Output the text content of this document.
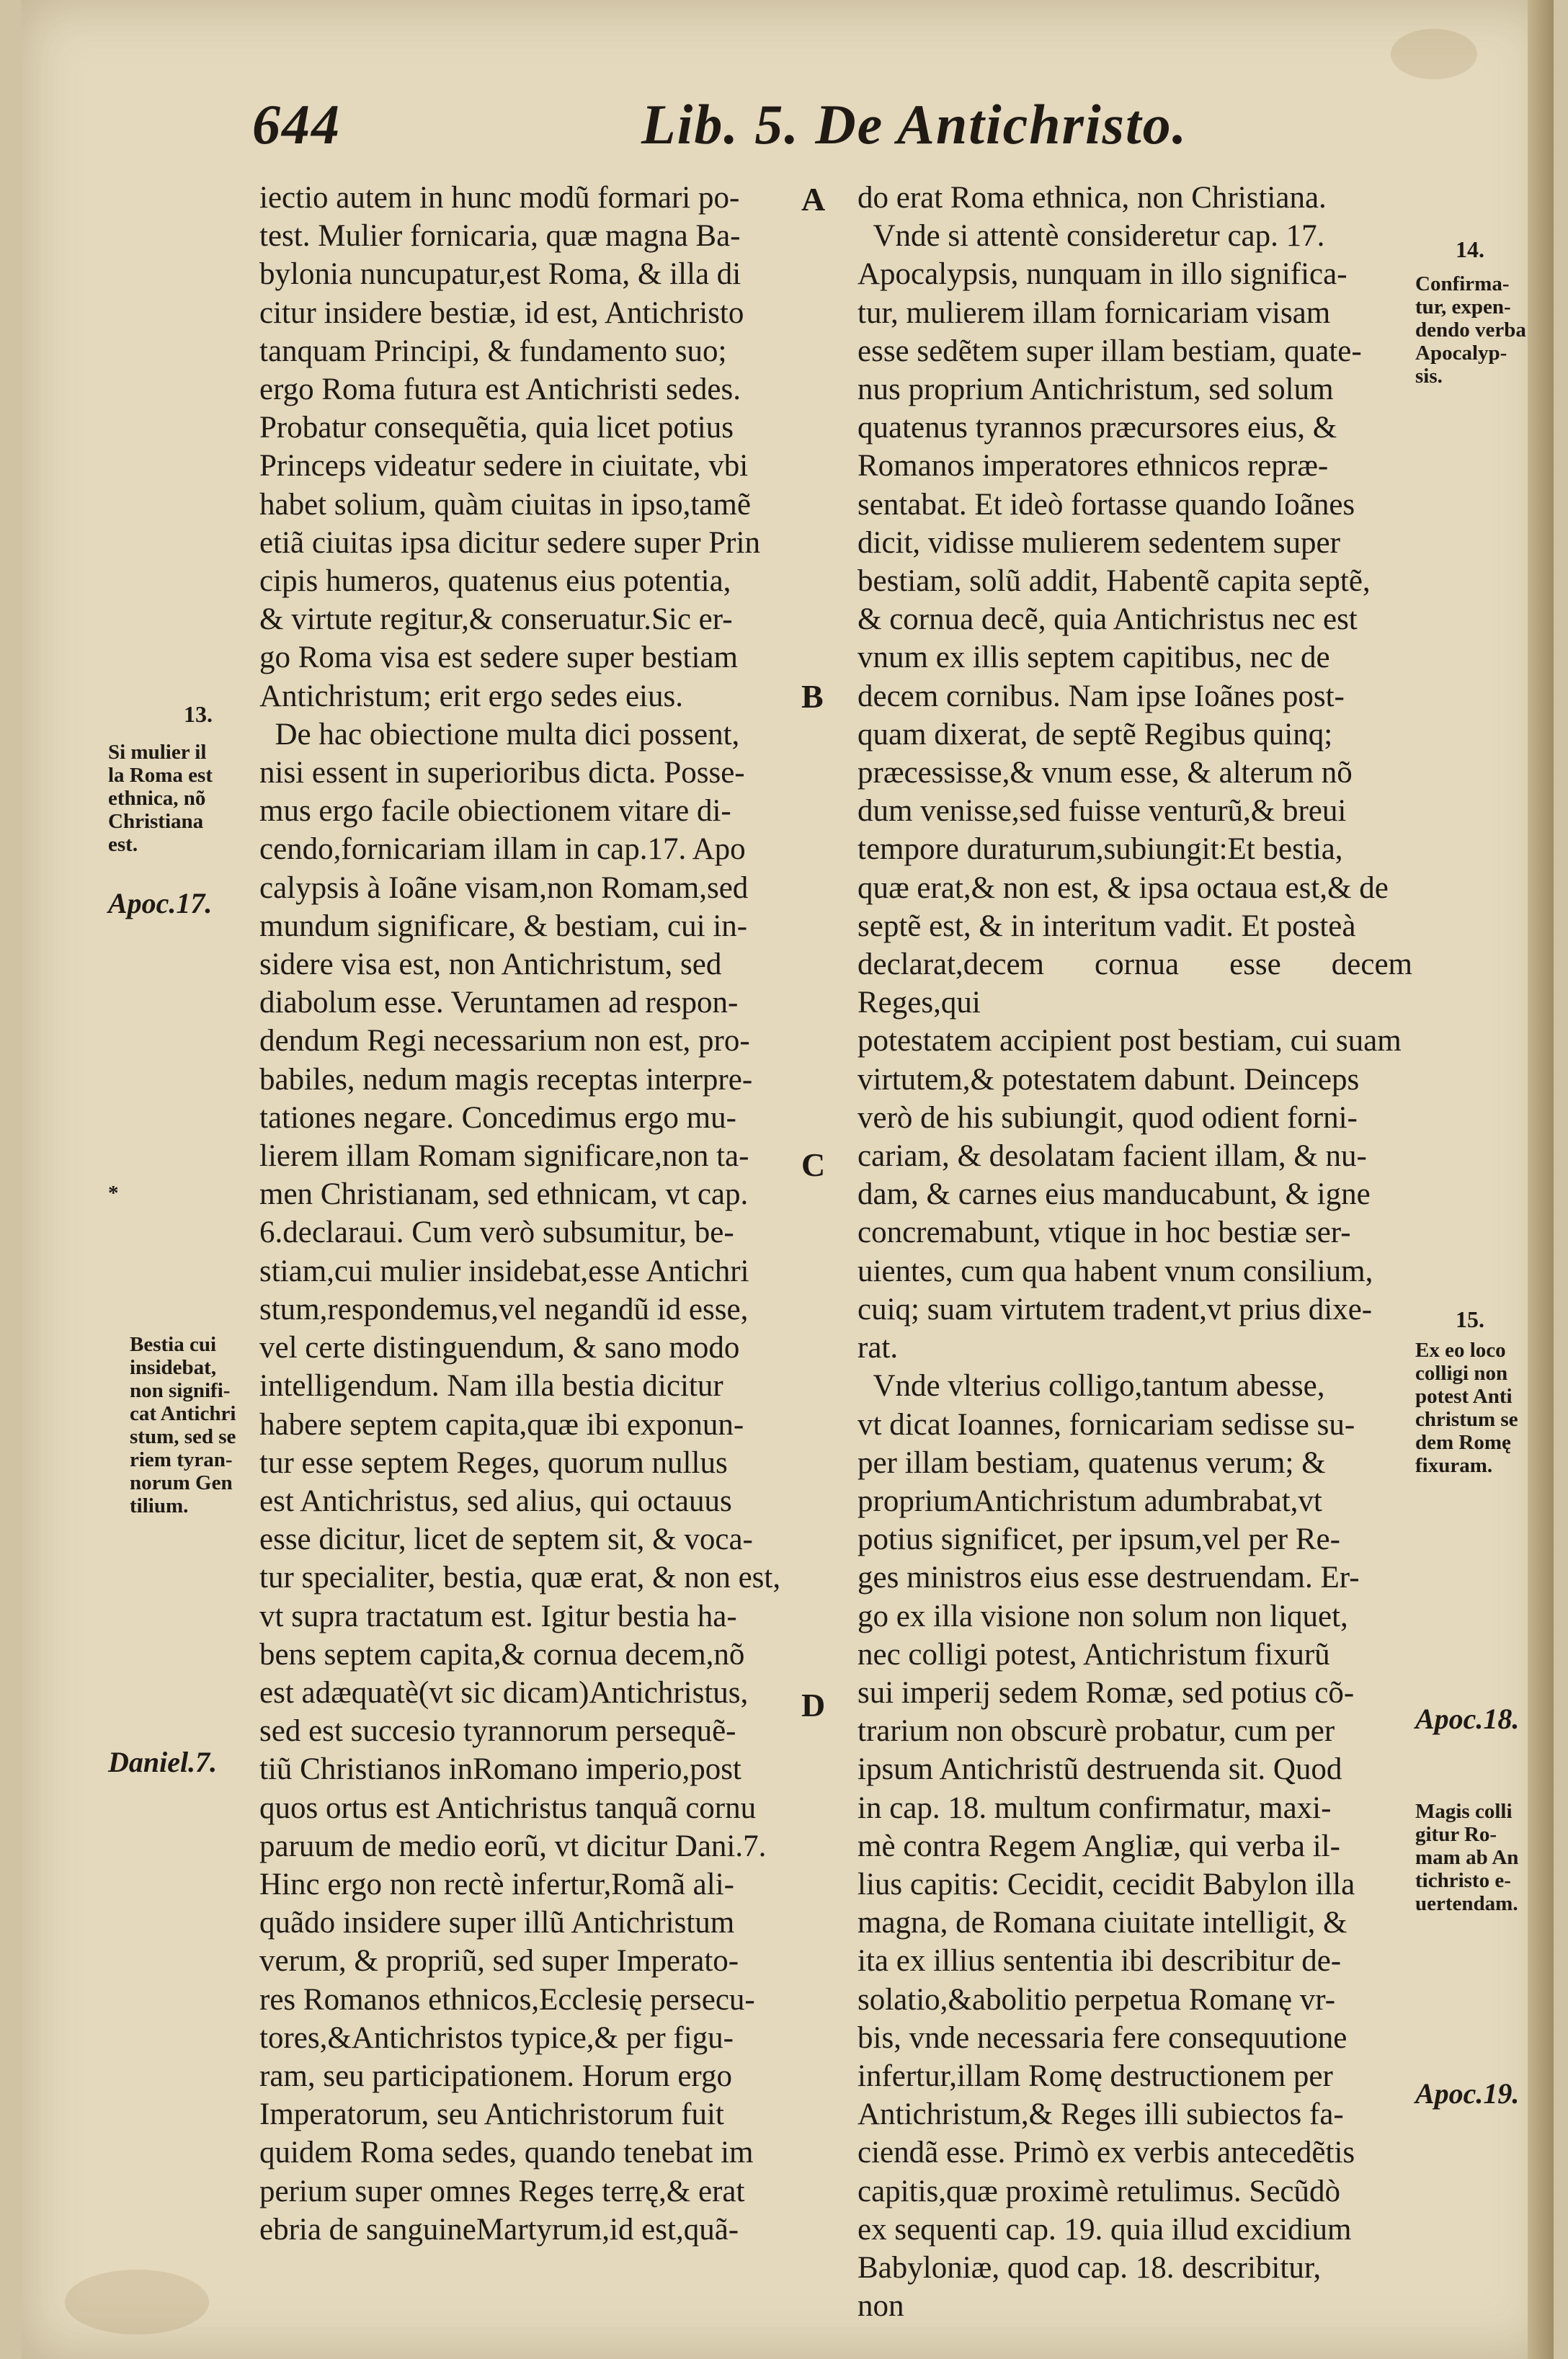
644	Lib. 5. De Antichristo.
iectio autem in hunc modũ formari po-
test. Mulier fornicaria, quæ magna Ba-
bylonia nuncupatur,est Roma, & illa di
citur insidere bestiæ, id est, Antichristo
tanquam Principi, & fundamento suo;
ergo Roma futura est Antichristi sedes.
Probatur consequẽtia, quia licet potius
Princeps videatur sedere in ciuitate, vbi
habet solium, quàm ciuitas in ipso,tamẽ
etiã ciuitas ipsa dicitur sedere super Prin
cipis humeros, quatenus eius potentia,
& virtute regitur,& conseruatur.Sic er-
go Roma visa est sedere super bestiam
Antichristum; erit ergo sedes eius.
De hac obiectione multa dici possent,
nisi essent in superioribus dicta. Posse-
mus ergo facile obiectionem vitare di-
cendo,fornicariam illam in cap.17. Apo
calypsis à Ioãne visam,non Romam,sed
mundum significare, & bestiam, cui in-
sidere visa est, non Antichristum, sed
diabolum esse. Veruntamen ad respon-
dendum Regi necessarium non est, pro-
babiles, nedum magis receptas interpre-
tationes negare. Concedimus ergo mu-
lierem illam Romam significare,non ta-
men Christianam, sed ethnicam, vt cap.
6.declaraui. Cum verò subsumitur, be-
stiam,cui mulier insidebat,esse Antichri
stum,respondemus,vel negandũ id esse,
vel certe distinguendum, & sano modo
intelligendum. Nam illa bestia dicitur
habere septem capita,quæ ibi exponun-
tur esse septem Reges, quorum nullus
est Antichristus, sed alius, qui octauus
esse dicitur, licet de septem sit, & voca-
tur specialiter, bestia, quæ erat, & non est,
vt supra tractatum est. Igitur bestia ha-
bens septem capita,& cornua decem,nõ
est adæquatè(vt sic dicam)Antichristus,
sed est succesio tyrannorum persequẽ-
tiũ Christianos inRomano imperio,post
quos ortus est Antichristus tanquã cornu
paruum de medio eorũ, vt dicitur Dani.7.
Hinc ergo non rectè infertur,Romã ali-
quãdo insidere super illũ Antichristum
verum, & propriũ, sed super Imperato-
res Romanos ethnicos,Ecclesię persecu-
tores,&Antichristos typice,& per figu-
ram, seu participationem. Horum ergo
Imperatorum, seu Antichristorum fuit
quidem Roma sedes, quando tenebat im
perium super omnes Reges terrę,& erat
ebria de sanguineMartyrum,id est,quã-
do erat Roma ethnica, non Christiana.
Vnde si attentè consideretur cap. 17.
Apocalypsis, nunquam in illo significa-
tur, mulierem illam fornicariam visam
esse sedẽtem super illam bestiam, quate-
nus proprium Antichristum, sed solum
quatenus tyrannos præcursores eius, &
Romanos imperatores ethnicos repræ-
sentabat. Et ideò fortasse quando Ioãnes
dicit, vidisse mulierem sedentem super
bestiam, solũ addit, Habentẽ capita septẽ,
& cornua decẽ, quia Antichristus nec est
vnum ex illis septem capitibus, nec de
decem cornibus. Nam ipse Ioãnes post-
quam dixerat, de septẽ Regibus quinq;
præcessisse,& vnum esse, & alterum nõ
dum venisse,sed fuisse venturũ,& breui
tempore duraturum,subiungit:Et bestia,
quæ erat,& non est, & ipsa octaua est,& de
septẽ est, & in interitum vadit. Et posteà
declarat,decem cornua esse decem Reges,qui
potestatem accipient post bestiam, cui suam
virtutem,& potestatem dabunt. Deinceps
verò de his subiungit, quod odient forni-
cariam, & desolatam facient illam, & nu-
dam, & carnes eius manducabunt, & igne
concremabunt, vtique in hoc bestiæ ser-
uientes, cum qua habent vnum consilium,
cuiq; suam virtutem tradent,vt prius dixe-
rat.
Vnde vlterius colligo,tantum abesse,
vt dicat Ioannes, fornicariam sedisse su-
per illam bestiam, quatenus verum; &
propriumAntichristum adumbrabat,vt
potius significet, per ipsum,vel per Re-
ges ministros eius esse destruendam. Er-
go ex illa visione non solum non liquet,
nec colligi potest, Antichristum fixurũ
sui imperij sedem Romæ, sed potius cõ-
trarium non obscurè probatur, cum per
ipsum Antichristũ destruenda sit. Quod
in cap. 18. multum confirmatur, maxi-
mè contra Regem Angliæ, qui verba il-
lius capitis: Cecidit, cecidit Babylon illa
magna, de Romana ciuitate intelligit, &
ita ex illius sententia ibi describitur de-
solatio,&abolitio perpetua Romanę vr-
bis, vnde necessaria fere consequutione
infertur,illam Romę destructionem per
Antichristum,& Reges illi subiectos fa-
ciendã esse. Primò ex verbis antecedẽtis
capitis,quæ proximè retulimus. Secũdò
ex sequenti cap. 19. quia illud excidium
Babyloniæ, quod cap. 18. describitur,
non
A
B
C
D
13.
Si mulier il
la Roma est
ethnica, nõ
Christiana
est.
Apoc.17.
*
Bestia cui
insidebat,
non signifi-
cat Antichri
stum, sed se
riem tyran-
norum Gen
tilium.
Daniel.7.
14.
Confirma-
tur, expen-
dendo verba
Apocalyp-
sis.
15.
Ex eo loco
colligi non
potest Anti
christum se
dem Romę
fixuram.
Apoc.18.
Magis colli
gitur Ro-
mam ab An
tichristo e-
uertendam.
Apoc.19.
